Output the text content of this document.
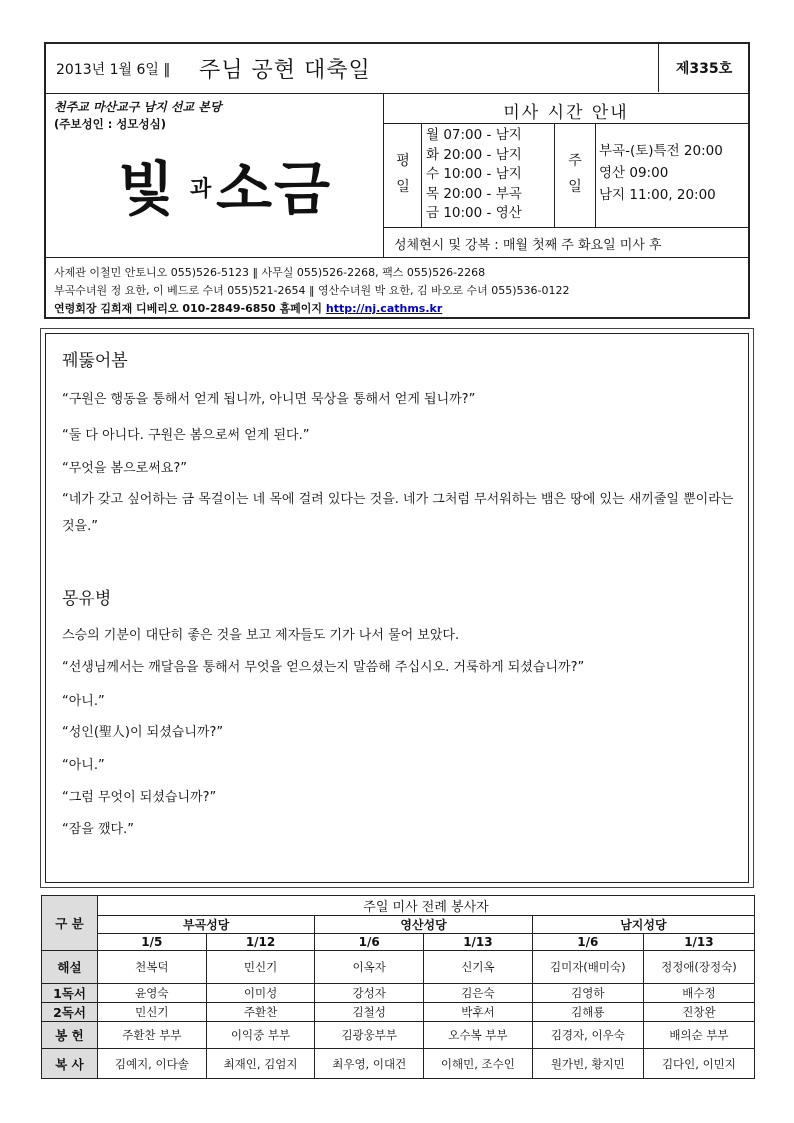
2013년 1월 6일 ‖ 주님 공현 대축일	제335호
천주교 마산교구 남지 선교 본당
(주보성인 : 성모성심)
빛 과 소금
미사 시간 안내
평
일
월 07:00 - 남지
화 20:00 - 남지
수 10:00 - 남지
목 20:00 - 부곡
금 10:00 - 영산
주
일
부곡-(토)특전 20:00
영산 09:00
남지 11:00, 20:00
성체현시 및 강복 : 매월 첫째 주 화요일 미사 후
사제관 이철민 안토니오 055)526-5123 ‖ 사무실 055)526-2268, 팩스 055)526-2268
부곡수녀원 정 요한, 이 베드로 수녀 055)521-2654 ‖ 영산수녀원 박 요한, 김 바오로 수녀 055)536-0122
연령회장 김희재 디베리오 010-2849-6850 홈페이지 http://nj.cathms.kr
꿰뚫어봄
“구원은 행동을 통해서 얻게 됩니까, 아니면 묵상을 통해서 얻게 됩니까?”
“둘 다 아니다. 구원은 봄으로써 얻게 된다.”
“무엇을 봄으로써요?”
“네가 갖고 싶어하는 금 목걸이는 네 목에 걸려 있다는 것을. 네가 그처럼 무서워하는 뱀은 땅에 있는 새끼줄일 뿐이라는 것을.”
몽유병
스승의 기분이 대단히 좋은 것을 보고 제자들도 기가 나서 물어 보았다.
“선생님께서는 깨달음을 통해서 무엇을 얻으셨는지 말씀해 주십시오. 거룩하게 되셨습니까?”
“아니.”
“성인(聖人)이 되셨습니까?”
“아니.”
“그럼 무엇이 되셨습니까?”
“잠을 깼다.”
구 분	주일 미사 전례 봉사자					
	부곡성당		영산성당		남지성당	
	1/5	1/12	1/6	1/13	1/6	1/13
해설	천복덕	민신기	이옥자	신기옥	김미자(배미숙)	정정애(장정숙)
1독서	윤영숙	이미성	강성자	김은숙	김영하	배수정
2독서	민신기	주환찬	김철성	박후서	김해룡	진창완
봉 헌	주환찬 부부	이익중 부부	김광웅부부	오수복 부부	김경자, 이우숙	배의순 부부
복 사	김예지, 이다솔	최재인, 김엄지	최우영, 이대건	이해민, 조수인	원가빈, 황지민	김다인, 이민지
